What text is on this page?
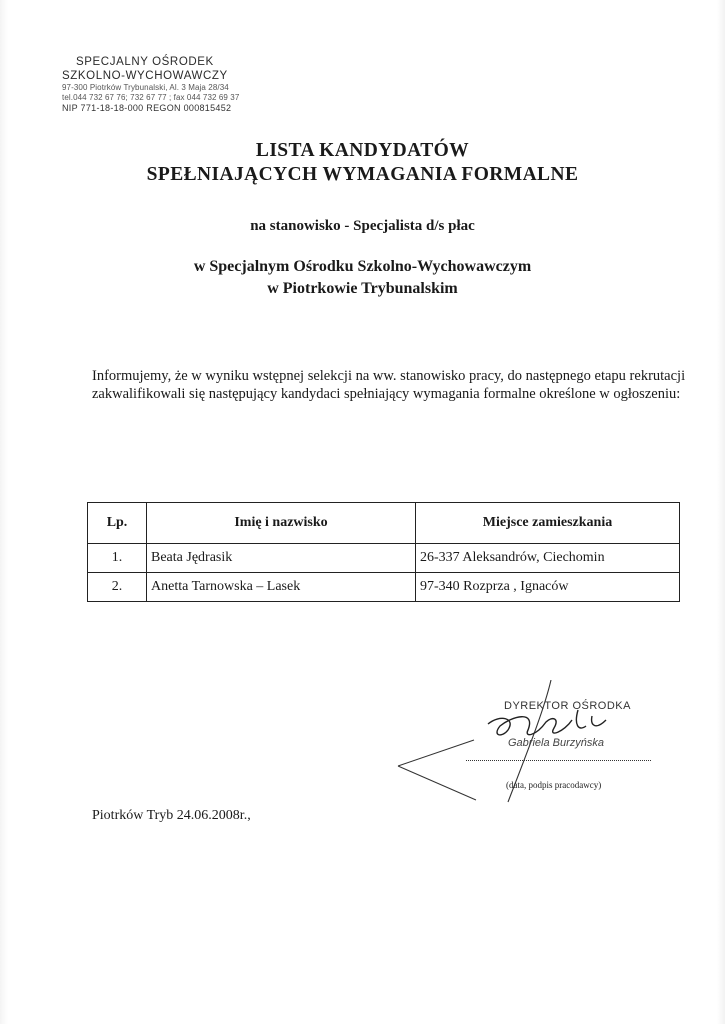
SPECJALNY OŚRODEK
SZKOLNO-WYCHOWAWCZY
97-300 Piotrków Trybunalski, Al. 3 Maja 28/34
tel.044 732 67 76; 732 67 77 ; fax 044 732 69 37
NIP 771-18-18-000 REGON 000815452
LISTA KANDYDATÓW
SPEŁNIAJĄCYCH WYMAGANIA FORMALNE
na stanowisko - Specjalista d/s płac
w Specjalnym Ośrodku Szkolno-Wychowawczym
w Piotrkowie Trybunalskim
Informujemy, że w wyniku wstępnej selekcji na ww. stanowisko pracy, do następnego etapu rekrutacji zakwalifikowali się następujący kandydaci spełniający wymagania formalne określone w ogłoszeniu:
Lp.	Imię i nazwisko	Miejsce zamieszkania
1.	Beata Jędrasik	26-337 Aleksandrów, Ciechomin
2.	Anetta Tarnowska – Lasek	97-340 Rozprza , Ignaców
DYREKTOR OŚRODKA
Gabriela Burzyńska
(data, podpis pracodawcy)
Piotrków Tryb 24.06.2008r.,
